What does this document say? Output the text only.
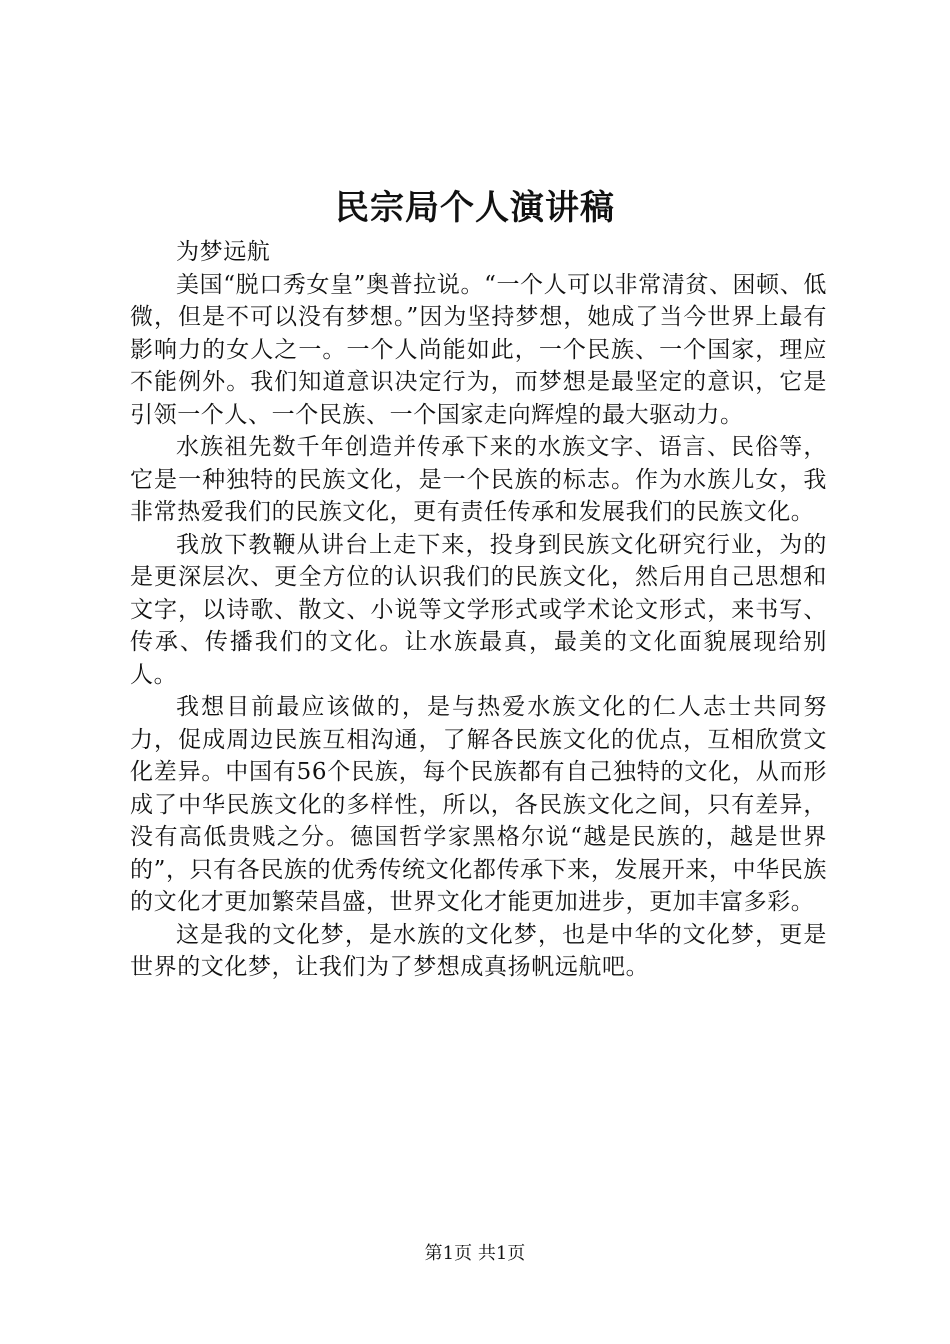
民宗局个人演讲稿

为梦远航

美国“脱口秀女皇”奥普拉说。“一个人可以非常清贫、困顿、低微，但是不可以没有梦想。”因为坚持梦想，她成了当今世界上最有影响力的女人之一。一个人尚能如此，一个民族、一个国家，理应不能例外。我们知道意识决定行为，而梦想是最坚定的意识，它是引领一个人、一个民族、一个国家走向辉煌的最大驱动力。

水族祖先数千年创造并传承下来的水族文字、语言、民俗等，它是一种独特的民族文化，是一个民族的标志。作为水族儿女，我非常热爱我们的民族文化，更有责任传承和发展我们的民族文化。

我放下教鞭从讲台上走下来，投身到民族文化研究行业，为的是更深层次、更全方位的认识我们的民族文化，然后用自己思想和文字，以诗歌、散文、小说等文学形式或学术论文形式，来书写、传承、传播我们的文化。让水族最真，最美的文化面貌展现给别人。

我想目前最应该做的，是与热爱水族文化的仁人志士共同努力，促成周边民族互相沟通，了解各民族文化的优点，互相欣赏文化差异。中国有56个民族，每个民族都有自己独特的文化，从而形成了中华民族文化的多样性，所以，各民族文化之间，只有差异，没有高低贵贱之分。德国哲学家黑格尔说“越是民族的，越是世界的”，只有各民族的优秀传统文化都传承下来，发展开来，中华民族的文化才更加繁荣昌盛，世界文化才能更加进步，更加丰富多彩。

这是我的文化梦，是水族的文化梦，也是中华的文化梦，更是世界的文化梦，让我们为了梦想成真扬帆远航吧。

第1页 共1页
